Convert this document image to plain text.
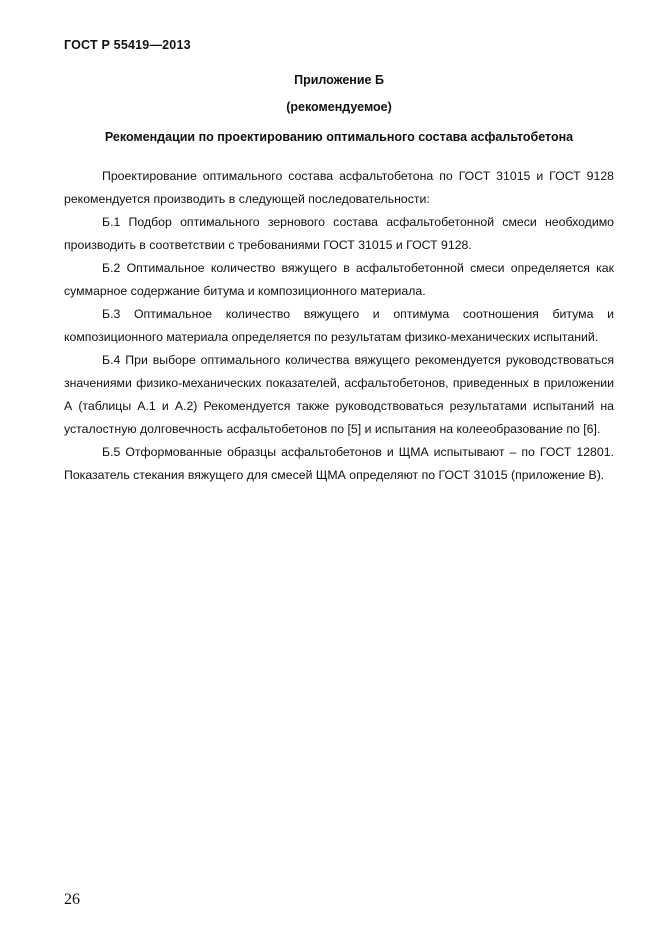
ГОСТ Р 55419—2013
Приложение Б
(рекомендуемое)
Рекомендации по проектированию оптимального состава асфальтобетона

Проектирование оптимального состава асфальтобетона по ГОСТ 31015 и ГОСТ 9128 рекомендуется производить в следующей последовательности:

Б.1 Подбор оптимального зернового состава асфальтобетонной смеси необходимо производить в соответствии с требованиями ГОСТ 31015 и ГОСТ 9128.

Б.2 Оптимальное количество вяжущего в асфальтобетонной смеси определяется как суммарное содержание битума и композиционного материала.

Б.3 Оптимальное количество вяжущего и оптимума соотношения битума и композиционного материала определяется по результатам физико-механических испытаний.

Б.4 При выборе оптимального количества вяжущего рекомендуется руководствоваться значениями физико-механических показателей, асфальтобетонов, приведенных в приложении А (таблицы А.1 и А.2) Рекомендуется также руководствоваться результатами испытаний на усталостную долговечность асфальтобетонов по [5] и испытания на колееобразование по [6].

Б.5 Отформованные образцы асфальтобетонов и ЩМА испытывают – по ГОСТ 12801. Показатель стекания вяжущего для смесей ЩМА определяют по ГОСТ 31015 (приложение В).

26
